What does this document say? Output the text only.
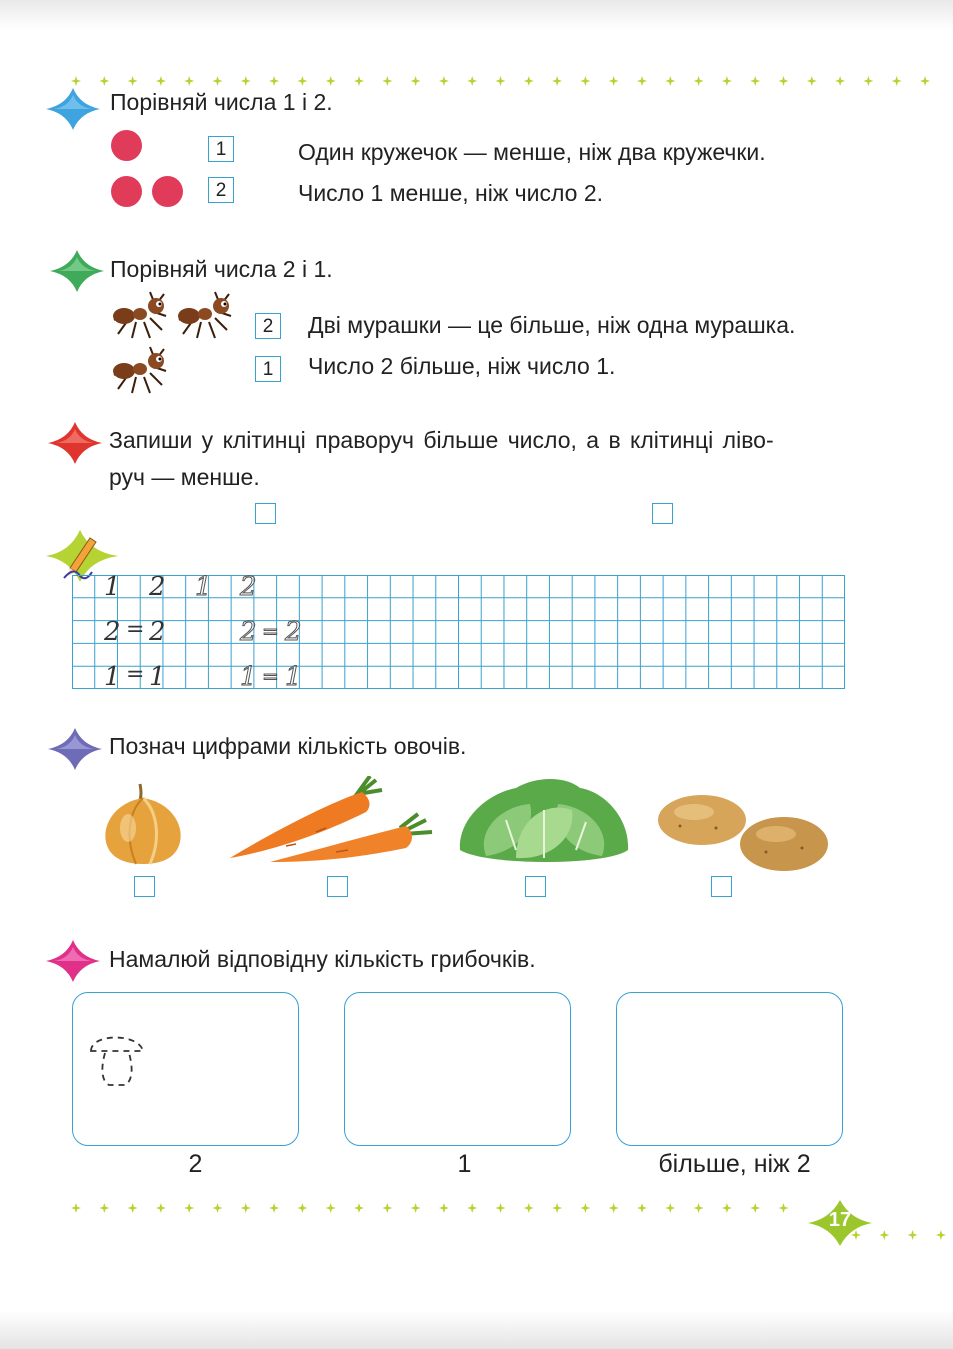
Порівняй числа 1 і 2.
1	Один кружечок — менше, ніж два кружечки.
2	Число 1 менше, ніж число 2.
Порівняй числа 2 і 1.
2	Дві мурашки — це більше, ніж одна мурашка.
1	Число 2 більше, ніж число 1.
Запиши у клітинці праворуч більше число, а в клітинці ліво-
руч — менше.
1 2 1 2
2 = 2	2 = 2
1 = 1	1 = 1
Познач цифрами кількість овочів.
Намалюй відповідну кількість грибочків.
2	1	більше, ніж 2
17
